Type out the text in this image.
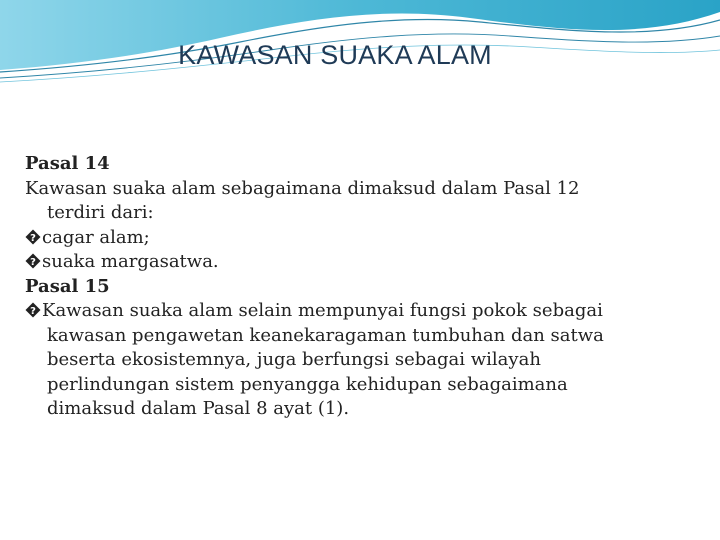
KAWASAN SUAKA ALAM
Pasal 14
Kawasan suaka alam sebagaimana dimaksud dalam Pasal 12
terdiri dari:
? cagar alam;
? suaka margasatwa.
Pasal 15
? Kawasan suaka alam selain mempunyai fungsi pokok sebagai
kawasan pengawetan keanekaragaman tumbuhan dan satwa
beserta ekosistemnya, juga berfungsi sebagai wilayah
perlindungan sistem penyangga kehidupan sebagaimana
dimaksud dalam Pasal 8 ayat (1).
